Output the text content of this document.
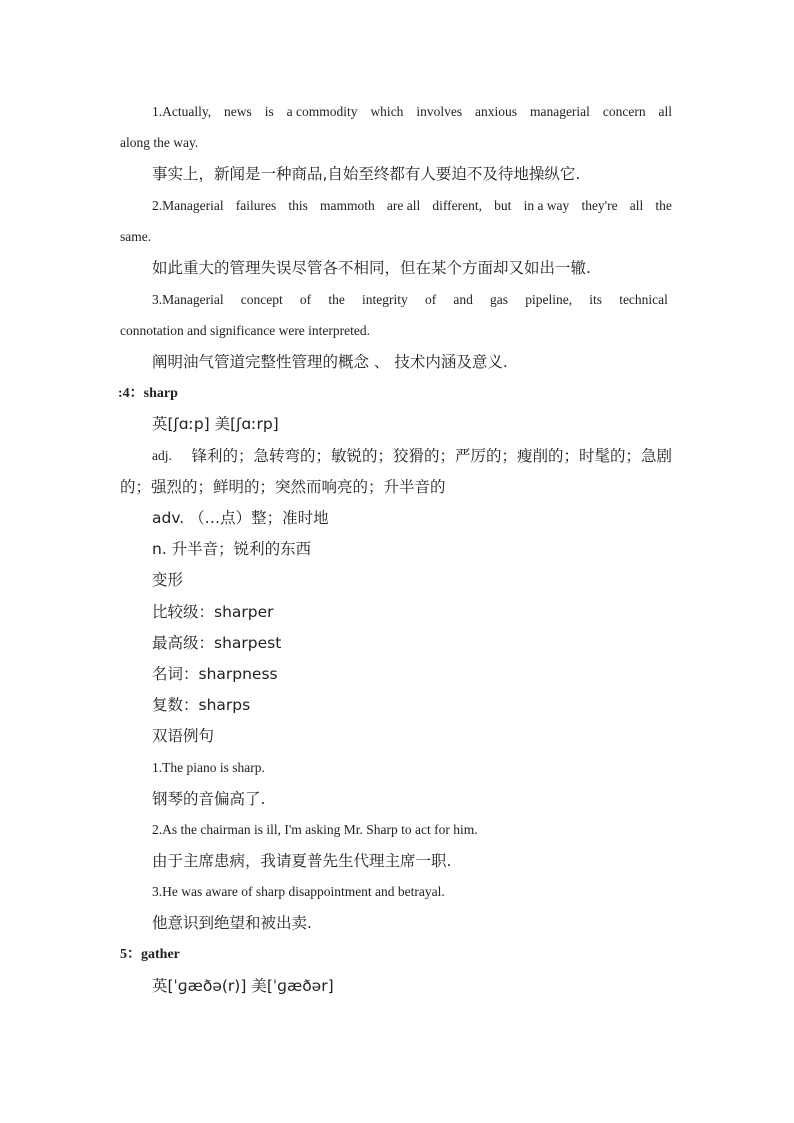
1.Actually, news is a commodity which involves anxious managerial concern all
along the way.
事实上，新闻是一种商品,自始至终都有人要迫不及待地操纵它.
2.Managerial failures this mammoth are all different, but in a way they're all the
same.
如此重大的管理失误尽管各不相同，但在某个方面却又如出一辙.
3.Managerial concept of the integrity of and gas pipeline, its technical
connotation and significance were interpreted.
阐明油气管道完整性管理的概念 、 技术内涵及意义.
:4：sharp
英[ʃɑːp] 美[ʃɑːrp]
adj. 锋利的；急转弯的；敏锐的；狡猾的；严厉的；瘦削的；时髦的；急剧
的；强烈的；鲜明的；突然而响亮的；升半音的
adv. （…点）整；准时地
n. 升半音；锐利的东西
变形
比较级：sharper
最高级：sharpest
名词：sharpness
复数：sharps
双语例句
1.The piano is sharp.
钢琴的音偏高了.
2.As the chairman is ill, I'm asking Mr. Sharp to act for him.
由于主席患病，我请夏普先生代理主席一职.
3.He was aware of sharp disappointment and betrayal.
他意识到绝望和被出卖.
5：gather
英[ˈɡæðə(r)] 美[ˈɡæðər]
